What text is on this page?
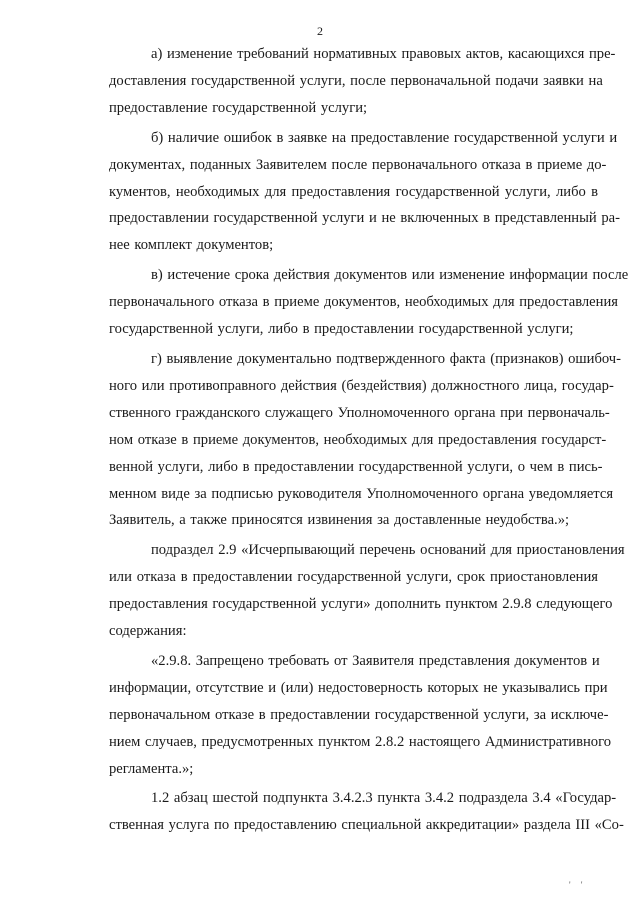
2
а) изменение требований нормативных правовых актов, касающихся пре-
доставления государственной услуги, после первоначальной подачи заявки на
предоставление государственной услуги;
б) наличие ошибок в заявке на предоставление государственной услуги и
документах, поданных Заявителем после первоначального отказа в приеме до-
кументов, необходимых для предоставления государственной услуги, либо в
предоставлении государственной услуги и не включенных в представленный ра-
нее комплект документов;
в) истечение срока действия документов или изменение информации после
первоначального отказа в приеме документов, необходимых для предоставления
государственной услуги, либо в предоставлении государственной услуги;
г) выявление документально подтвержденного факта (признаков) ошибоч-
ного или противоправного действия (бездействия) должностного лица, государ-
ственного гражданского служащего Уполномоченного органа при первоначаль-
ном отказе в приеме документов, необходимых для предоставления государст-
венной услуги, либо в предоставлении государственной услуги, о чем в пись-
менном виде за подписью руководителя Уполномоченного органа уведомляется
Заявитель, а также приносятся извинения за доставленные неудобства.»;
подраздел 2.9 «Исчерпывающий перечень оснований для приостановления
или отказа в предоставлении государственной услуги, срок приостановления
предоставления государственной услуги» дополнить пунктом 2.9.8 следующего
содержания:
«2.9.8. Запрещено требовать от Заявителя представления документов и
информации, отсутствие и (или) недостоверность которых не указывались при
первоначальном отказе в предоставлении государственной услуги, за исключе-
нием случаев, предусмотренных пунктом 2.8.2 настоящего Административного
регламента.»;
1.2 абзац шестой подпункта 3.4.2.3 пункта 3.4.2 подраздела 3.4 «Государ-
ственная услуга по предоставлению специальной аккредитации» раздела III «Со-
' '
